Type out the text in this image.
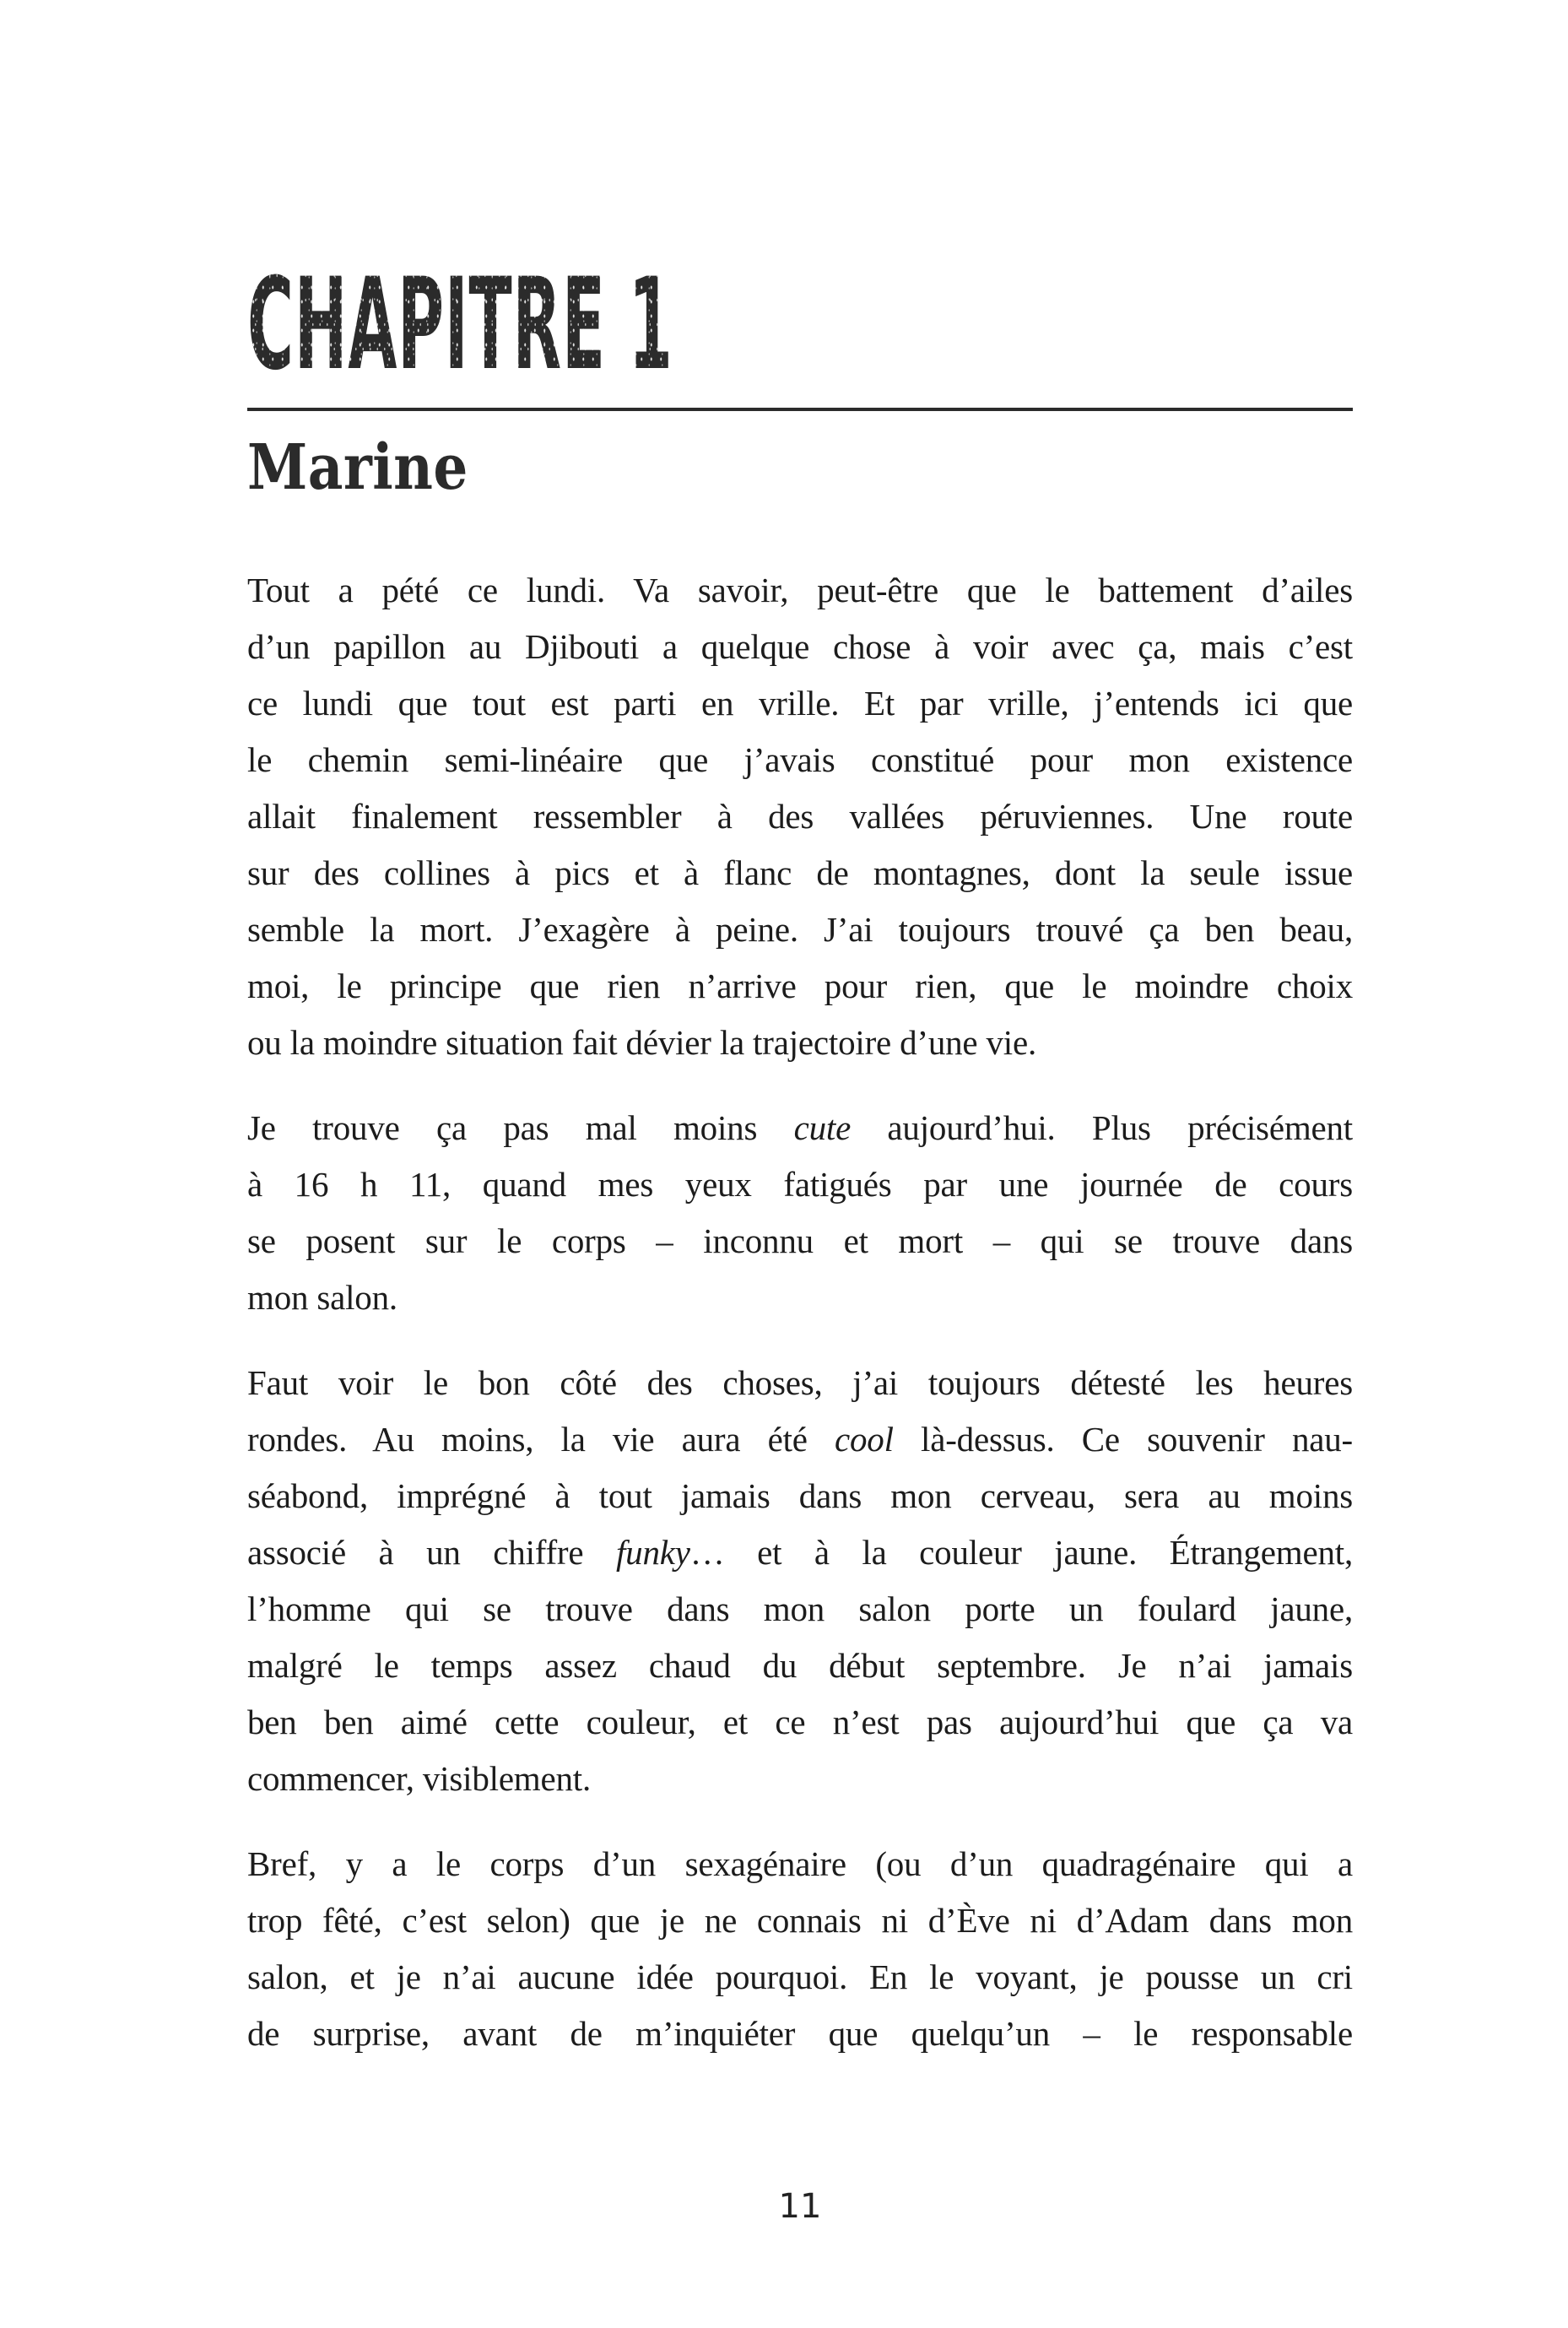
CHAPITRE 1
Marine
Tout a pété ce lundi. Va savoir, peut-être que le battement d’ailes
d’un papillon au Djibouti a quelque chose à voir avec ça, mais c’est
ce lundi que tout est parti en vrille. Et par vrille, j’entends ici que
le chemin semi-linéaire que j’avais constitué pour mon existence
allait finalement ressembler à des vallées péruviennes. Une route
sur des collines à pics et à flanc de montagnes, dont la seule issue
semble la mort. J’exagère à peine. J’ai toujours trouvé ça ben beau,
moi, le principe que rien n’arrive pour rien, que le moindre choix
ou la moindre situation fait dévier la trajectoire d’une vie.
Je trouve ça pas mal moins cute aujourd’hui. Plus précisément
à 16 h 11, quand mes yeux fatigués par une journée de cours
se posent sur le corps – inconnu et mort – qui se trouve dans
mon salon.
Faut voir le bon côté des choses, j’ai toujours détesté les heures
rondes. Au moins, la vie aura été cool là-dessus. Ce souvenir nau-
séabond, imprégné à tout jamais dans mon cerveau, sera au moins
associé à un chiffre funky… et à la couleur jaune. Étrangement,
l’homme qui se trouve dans mon salon porte un foulard jaune,
malgré le temps assez chaud du début septembre. Je n’ai jamais
ben ben aimé cette couleur, et ce n’est pas aujourd’hui que ça va
commencer, visiblement.
Bref, y a le corps d’un sexagénaire (ou d’un quadragénaire qui a
trop fêté, c’est selon) que je ne connais ni d’Ève ni d’Adam dans mon
salon, et je n’ai aucune idée pourquoi. En le voyant, je pousse un cri
de surprise, avant de m’inquiéter que quelqu’un – le responsable
11
